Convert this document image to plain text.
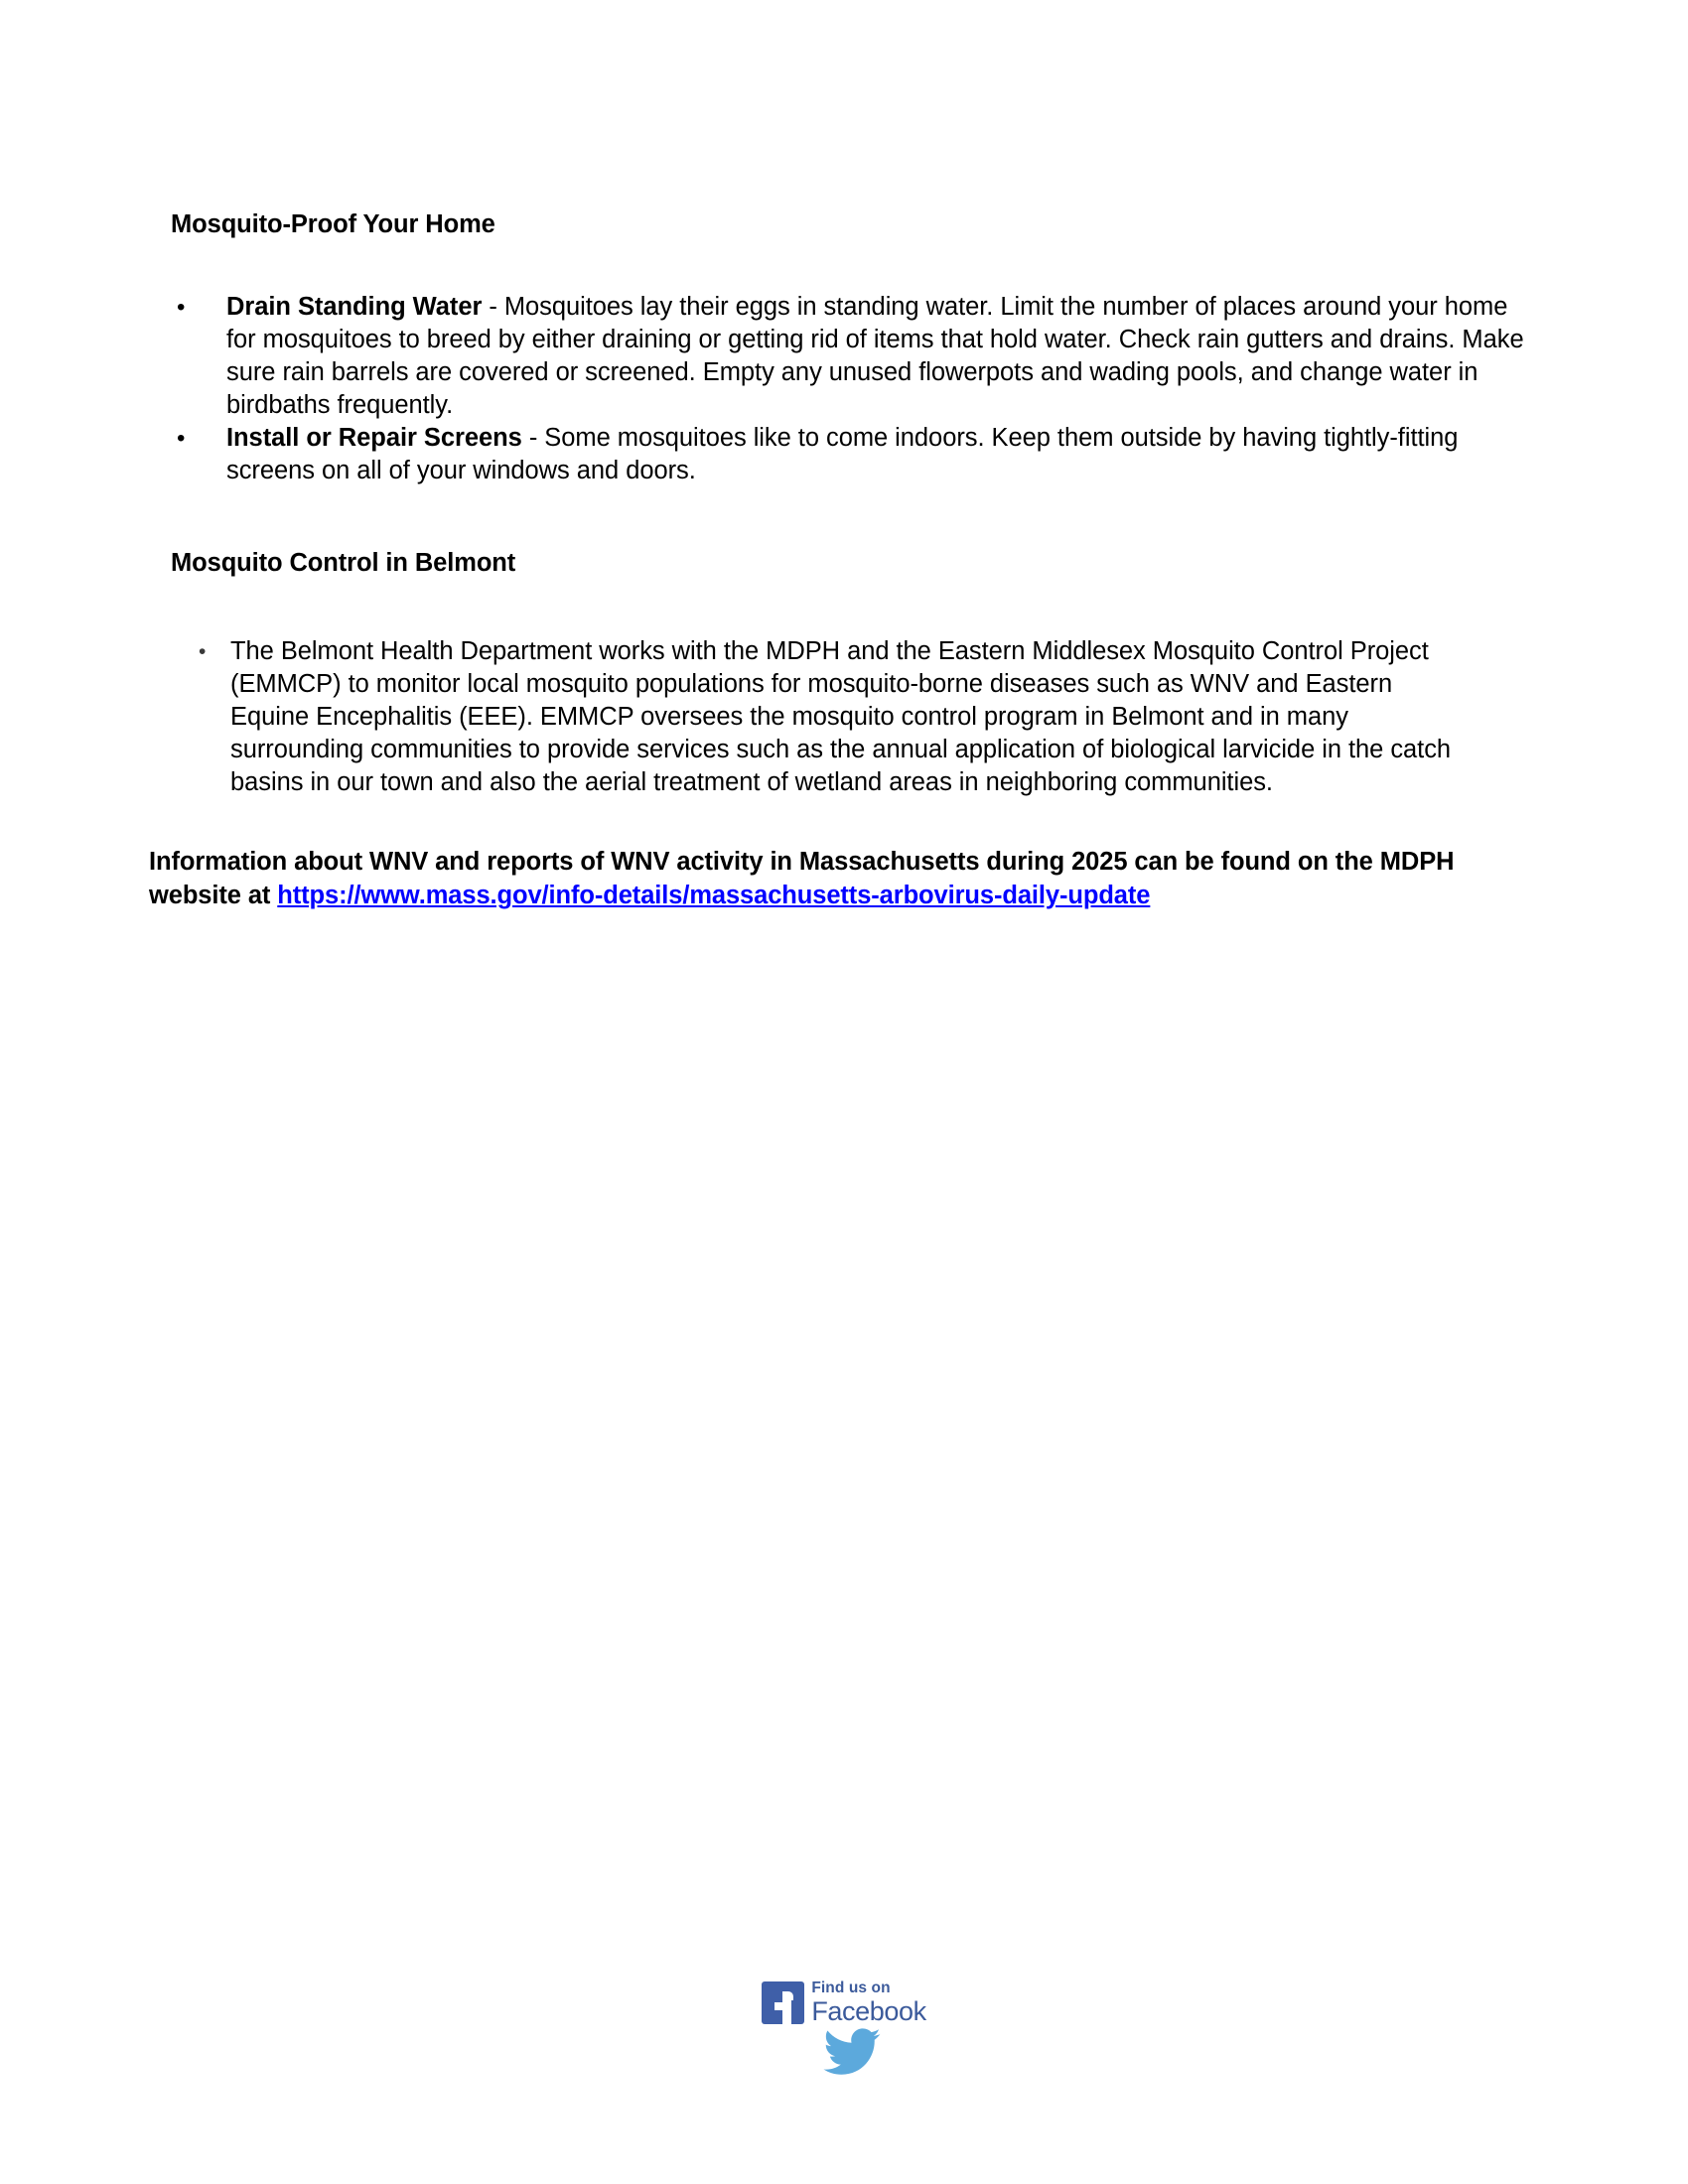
Mosquito-Proof Your Home
• Drain Standing Water - Mosquitoes lay their eggs in standing water. Limit the number of places around your home for mosquitoes to breed by either draining or getting rid of items that hold water. Check rain gutters and drains. Make sure rain barrels are covered or screened. Empty any unused flowerpots and wading pools, and change water in birdbaths frequently.
• Install or Repair Screens - Some mosquitoes like to come indoors. Keep them outside by having tightly-fitting screens on all of your windows and doors.
Mosquito Control in Belmont
• The Belmont Health Department works with the MDPH and the Eastern Middlesex Mosquito Control Project (EMMCP) to monitor local mosquito populations for mosquito-borne diseases such as WNV and Eastern Equine Encephalitis (EEE). EMMCP oversees the mosquito control program in Belmont and in many surrounding communities to provide services such as the annual application of biological larvicide in the catch basins in our town and also the aerial treatment of wetland areas in neighboring communities.

Information about WNV and reports of WNV activity in Massachusetts during 2025 can be found on the MDPH website at https://www.mass.gov/info-details/massachusetts-arbovirus-daily-update

Find us on
Facebook
